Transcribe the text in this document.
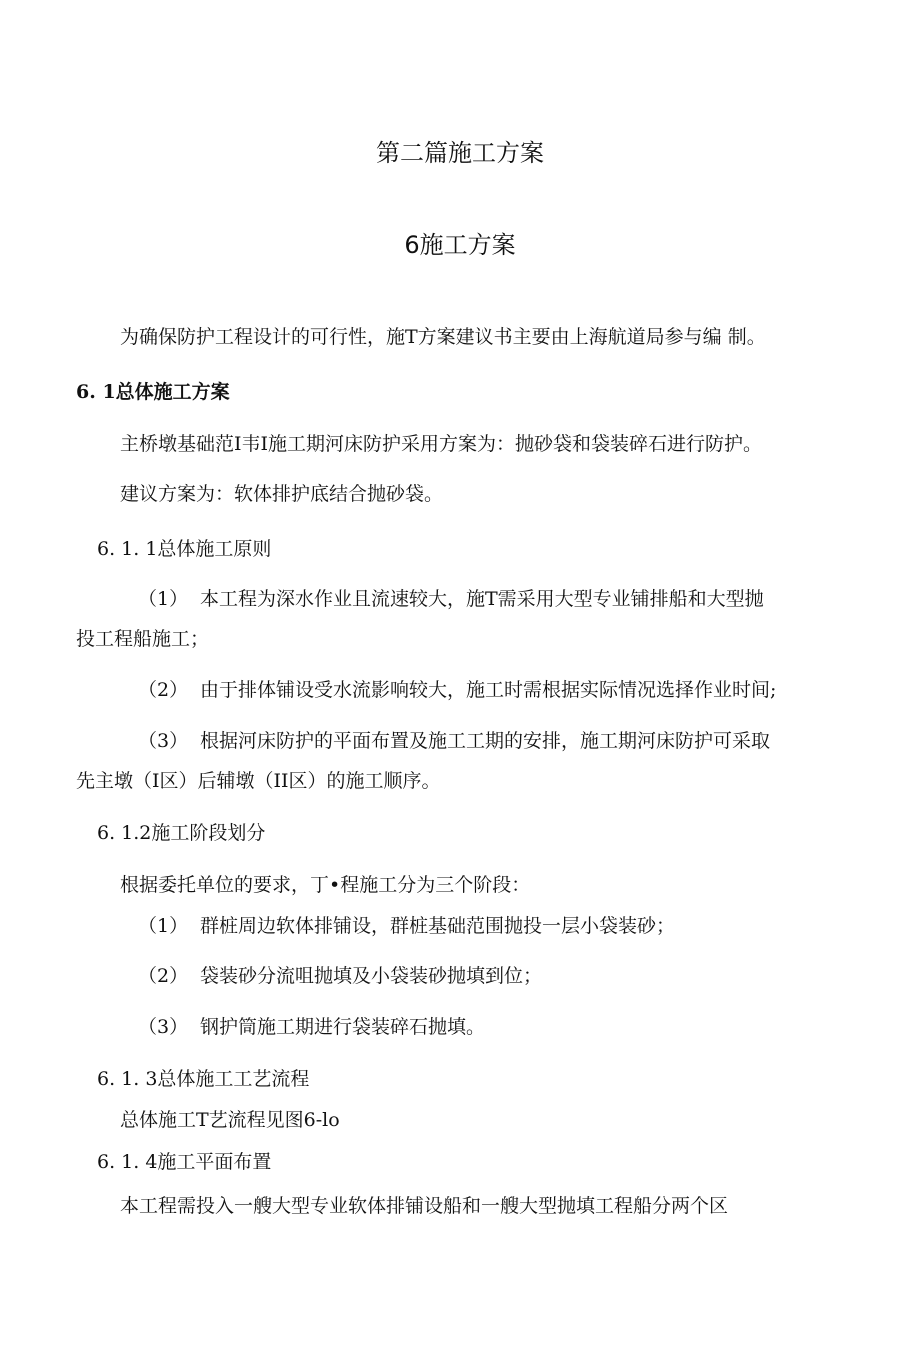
第二篇施工方案
6施工方案
为确保防护工程设计的可行性，施T方案建议书主要由上海航道局参与编 制。
6. 1总体施工方案
主桥墩基础范I韦I施工期河床防护采用方案为：抛砂袋和袋装碎石进行防护。
建议方案为：软体排护底结合抛砂袋。
6. 1. 1总体施工原则
（1） 本工程为深水作业且流速较大，施T需采用大型专业铺排船和大型抛
投工程船施工；
（2） 由于排体铺设受水流影响较大，施工时需根据实际情况选择作业时间;
（3） 根据河床防护的平面布置及施工工期的安排，施工期河床防护可采取
先主墩（I区）后辅墩（II区）的施工顺序。
6. 1.2施工阶段划分
根据委托单位的要求，丁•程施工分为三个阶段：
（1） 群桩周边软体排铺设，群桩基础范围抛投一层小袋装砂；
（2） 袋装砂分流咀抛填及小袋装砂抛填到位；
（3） 钢护筒施工期进行袋装碎石抛填。
6. 1. 3总体施工工艺流程
总体施工T艺流程见图6-lo
6. 1. 4施工平面布置
本工程需投入一艘大型专业软体排铺设船和一艘大型抛填工程船分两个区
